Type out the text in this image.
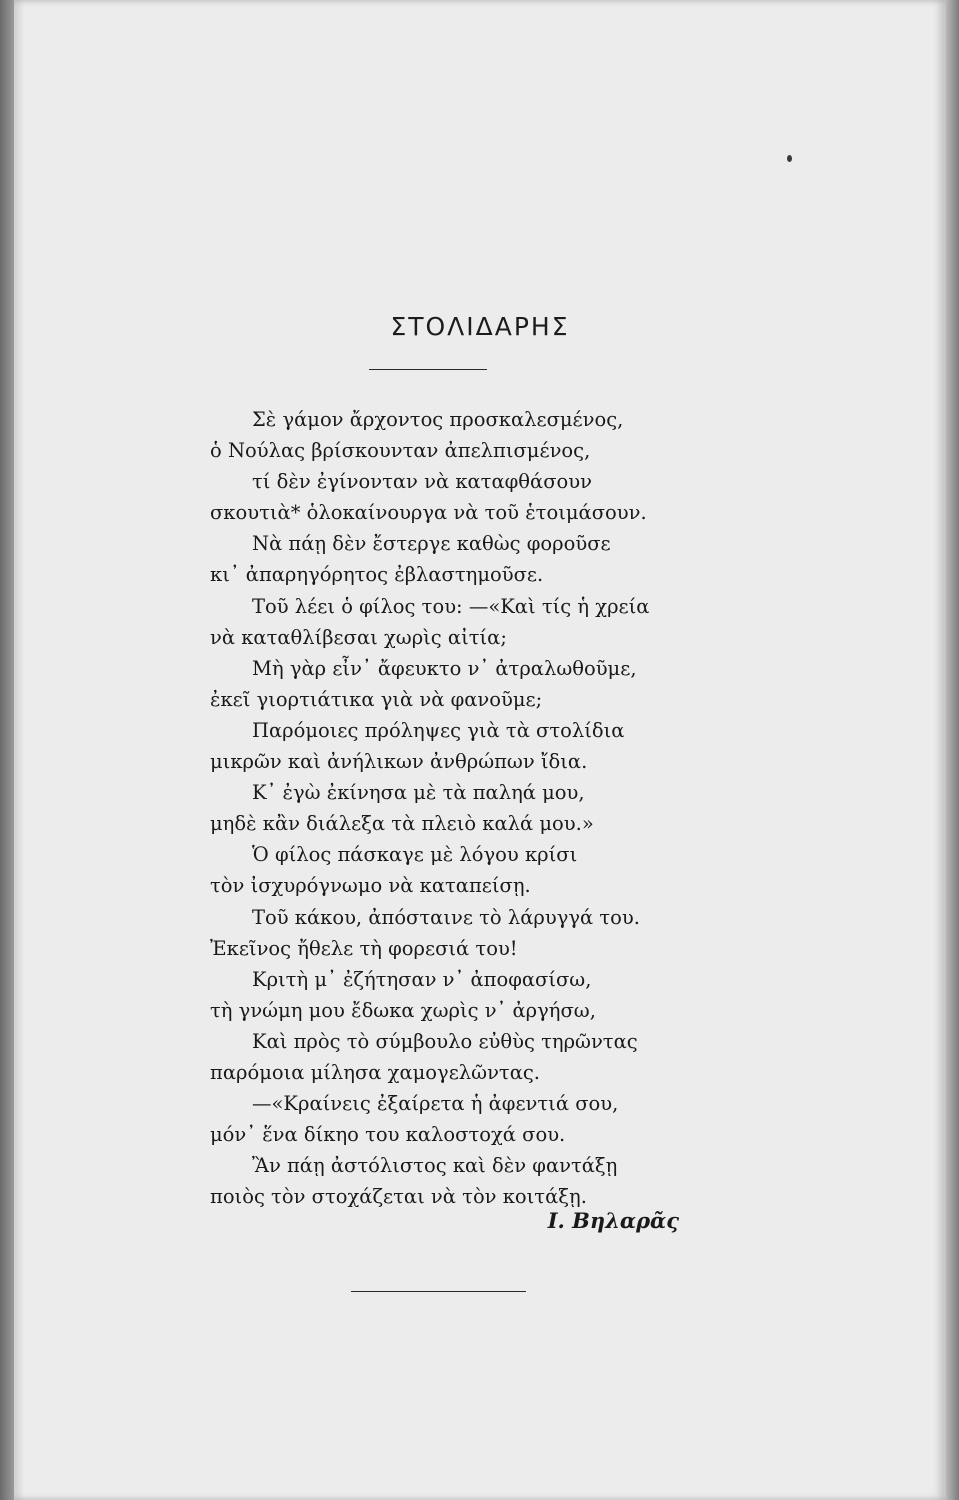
ΣΤΟΛΙΔΑΡΗΣ
Σὲ γάμον ἄρχοντος προσκαλεσμένος,
ὁ Νούλας βρίσκουνταν ἀπελπισμένος,
τί δὲν ἐγίνονταν νὰ καταφθάσουν
σκουτιὰ* ὁλοκαίνουργα νὰ τοῦ ἑτοιμάσουν.
Νὰ πάῃ δὲν ἔστεργε καθὼς φοροῦσε
κι᾽ ἀπαρηγόρητος ἐβλαστημοῦσε.
Τοῦ λέει ὁ φίλος του: —«Καὶ τίς ἡ χρεία
νὰ καταθλίβεσαι χωρὶς αἰτία;
Μὴ γὰρ εἶν᾽ ἄφευκτο ν᾽ ἀτραλωθοῦμε,
ἐκεῖ γιορτιάτικα γιὰ νὰ φανοῦμε;
Παρόμοιες πρόληψες γιὰ τὰ στολίδια
μικρῶν καὶ ἀνήλικων ἀνθρώπων ἴδια.
Κ᾽ ἐγὼ ἐκίνησα μὲ τὰ παληά μου,
μηδὲ κἂν διάλεξα τὰ πλειὸ καλά μου.»
Ὁ φίλος πάσκαγε μὲ λόγου κρίσι
τὸν ἰσχυρόγνωμο νὰ καταπείσῃ.
Τοῦ κάκου, ἀπόσταινε τὸ λάρυγγά του.
Ἐκεῖνος ἤθελε τὴ φορεσιά του!
Κριτὴ μ᾽ ἐζήτησαν ν᾽ ἀποφασίσω,
τὴ γνώμη μου ἔδωκα χωρὶς ν᾽ ἀργήσω,
Καὶ πρὸς τὸ σύμβουλο εὐθὺς τηρῶντας
παρόμοια μίλησα χαμογελῶντας.
—«Κραίνεις ἐξαίρετα ἡ ἀφεντιά σου,
μόν᾽ ἕνα δίκηο του καλοστοχά σου.
Ἂν πάῃ ἀστόλιστος καὶ δὲν φαντάξῃ
ποιὸς τὸν στοχάζεται νὰ τὸν κοιτάξῃ.
Ι. Βηλαρᾶς
